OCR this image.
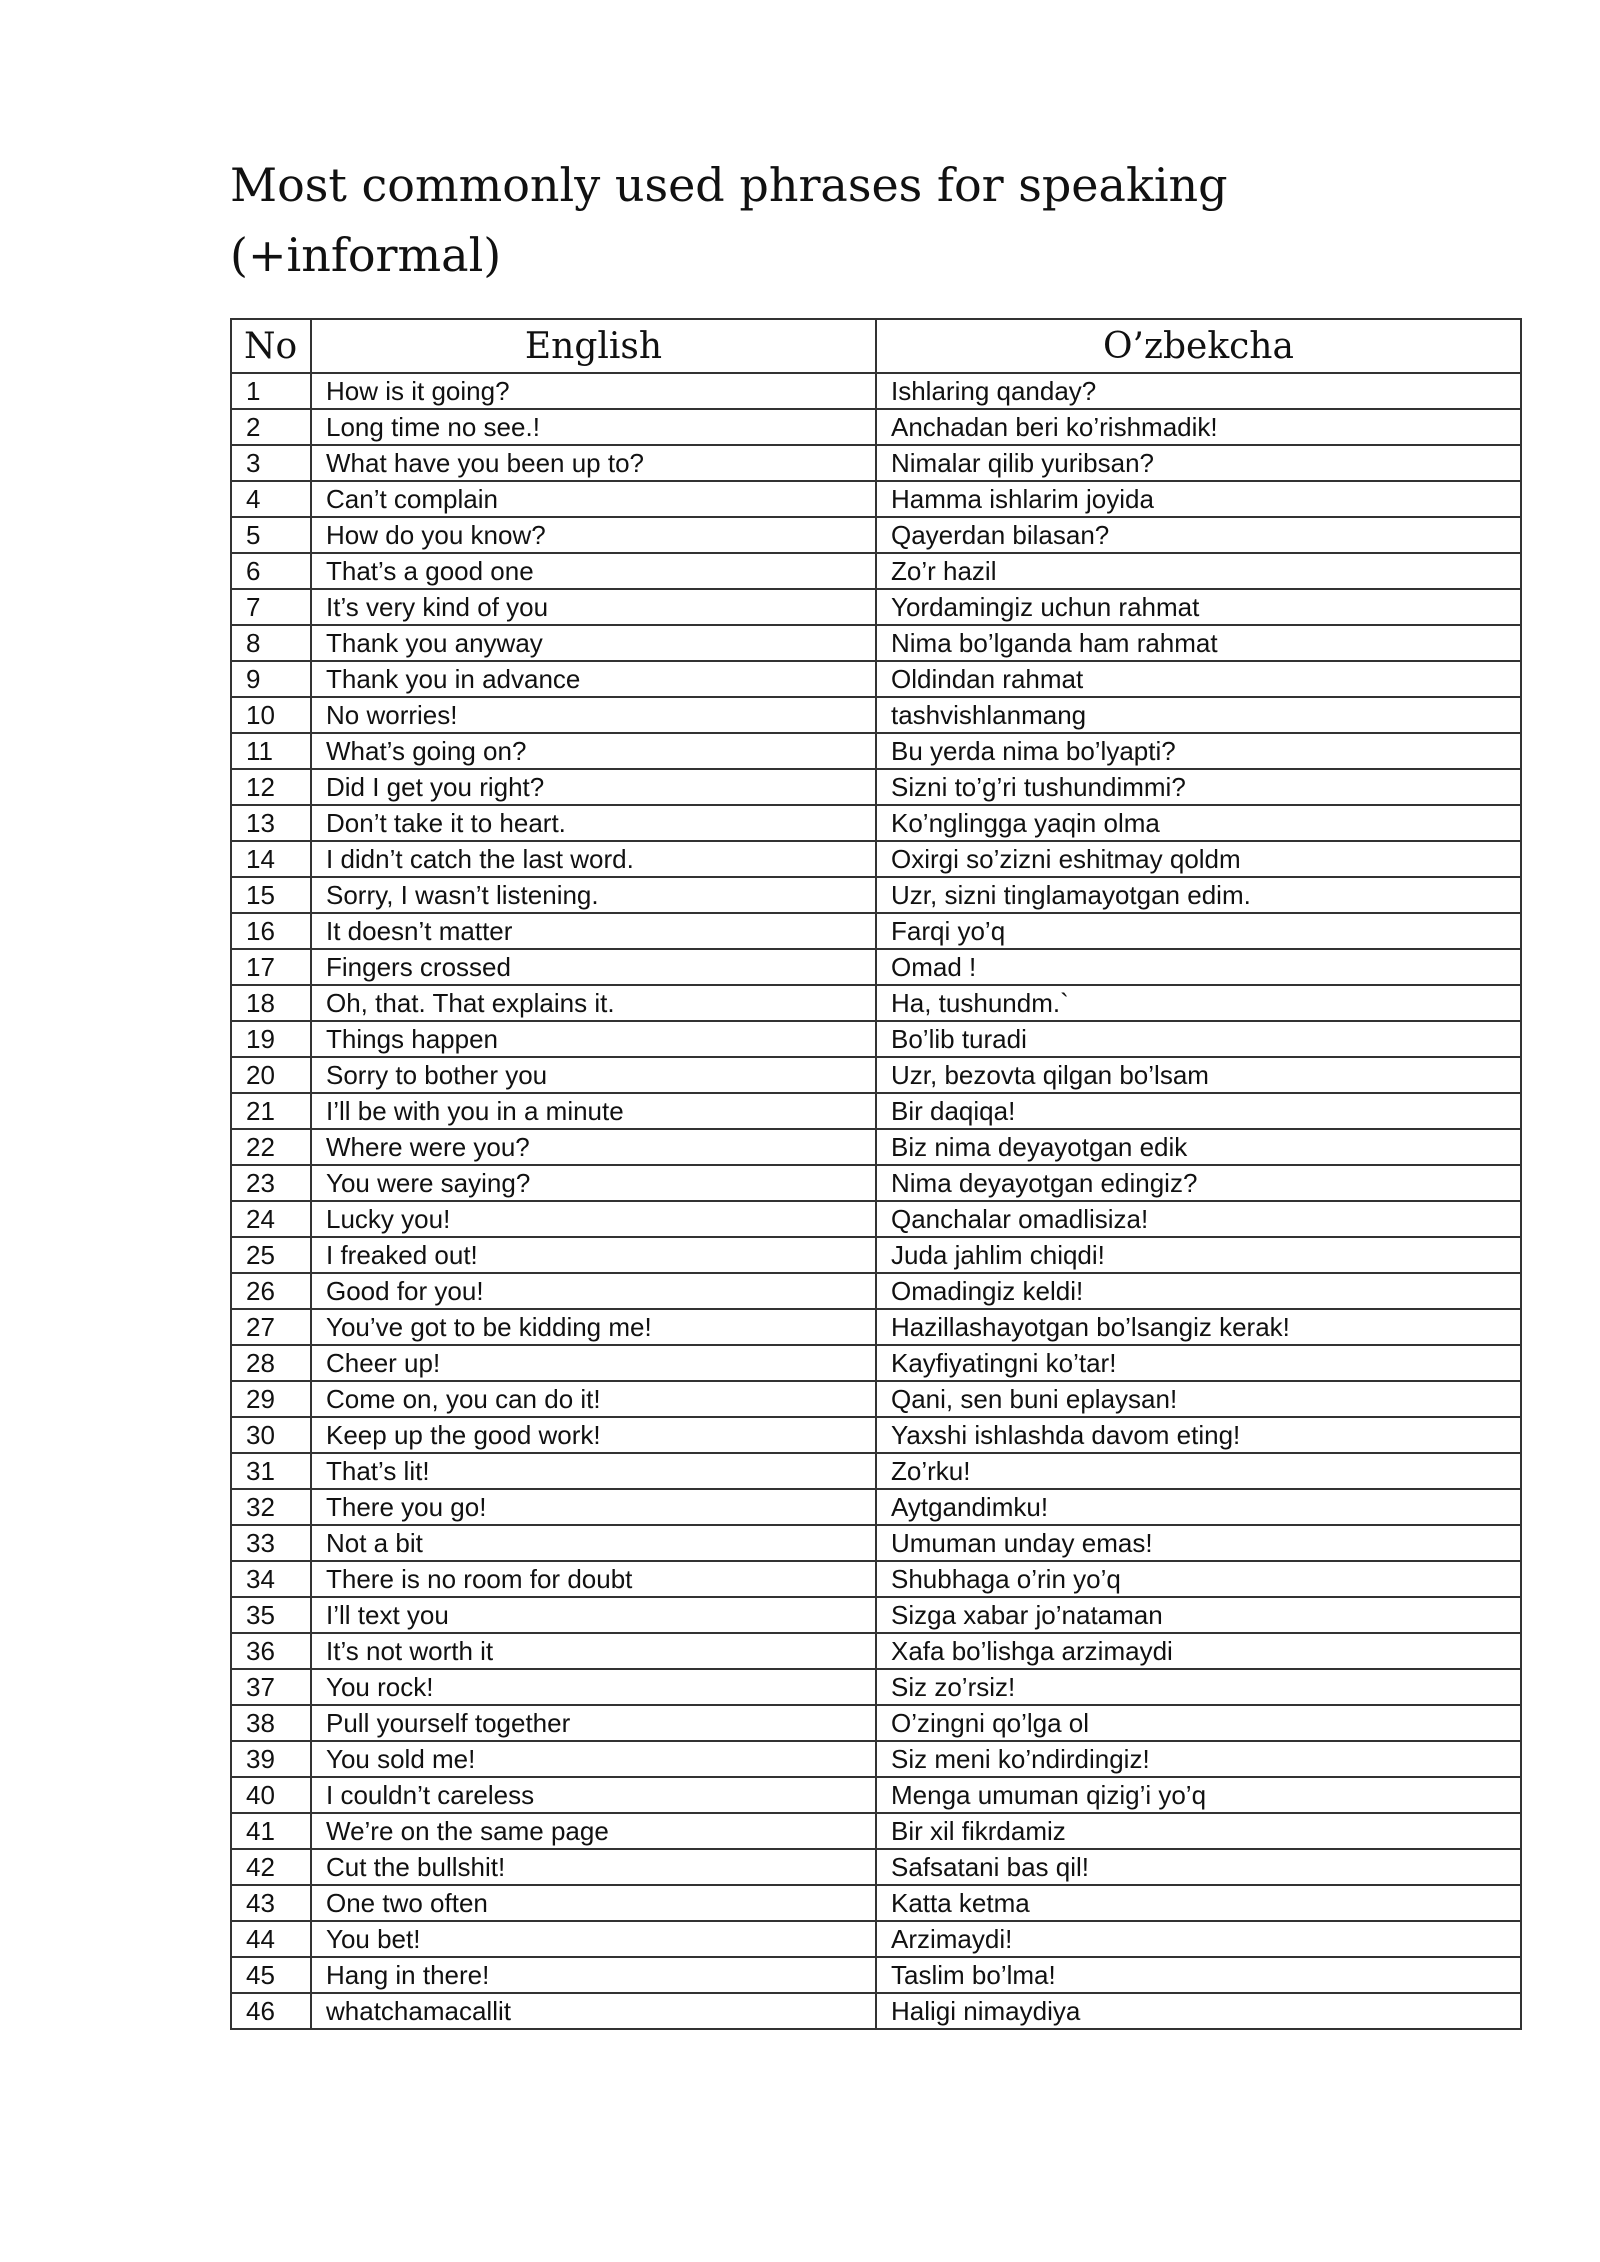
Most commonly used phrases for speaking
(+informal)
No	English	O’zbekcha
1	How is it going?	Ishlaring qanday?
2	Long time no see.!	Anchadan beri ko’rishmadik!
3	What have you been up to?	Nimalar qilib yuribsan?
4	Can’t complain	Hamma ishlarim joyida
5	How do you know?	Qayerdan bilasan?
6	That’s a good one	Zo’r hazil
7	It’s very kind of you	Yordamingiz uchun rahmat
8	Thank you anyway	Nima bo’lganda ham rahmat
9	Thank you in advance	Oldindan rahmat
10	No worries!	tashvishlanmang
11	What’s going on?	Bu yerda nima bo’lyapti?
12	Did I get you right?	Sizni to’g’ri tushundimmi?
13	Don’t take it to heart.	Ko’nglingga yaqin olma
14	I didn’t catch the last word.	Oxirgi so’zizni eshitmay qoldm
15	Sorry, I wasn’t listening.	Uzr, sizni tinglamayotgan edim.
16	It doesn’t matter	Farqi yo’q
17	Fingers crossed	Omad !
18	Oh, that. That explains it.	Ha, tushundm.`
19	Things happen	Bo’lib turadi
20	Sorry to bother you	Uzr, bezovta qilgan bo’lsam
21	I’ll be with you in a minute	Bir daqiqa!
22	Where were you?	Biz nima deyayotgan edik
23	You were saying?	Nima deyayotgan edingiz?
24	Lucky you!	Qanchalar omadlisiza!
25	I freaked out!	Juda jahlim chiqdi!
26	Good for you!	Omadingiz keldi!
27	You’ve got to be kidding me!	Hazillashayotgan bo’lsangiz kerak!
28	Cheer up!	Kayfiyatingni ko’tar!
29	Come on, you can do it!	Qani, sen buni eplaysan!
30	Keep up the good work!	Yaxshi ishlashda davom eting!
31	That’s lit!	Zo’rku!
32	There you go!	Aytgandimku!
33	Not a bit	Umuman unday emas!
34	There is no room for doubt	Shubhaga o’rin yo’q
35	I’ll text you	Sizga xabar jo’nataman
36	It’s not worth it	Xafa bo’lishga arzimaydi
37	You rock!	Siz zo’rsiz!
38	Pull yourself together	O’zingni qo’lga ol
39	You sold me!	Siz meni ko’ndirdingiz!
40	I couldn’t careless	Menga umuman qizig’i yo’q
41	We’re on the same page	Bir xil fikrdamiz
42	Cut the bullshit!	Safsatani bas qil!
43	One two often	Katta ketma
44	You bet!	Arzimaydi!
45	Hang in there!	Taslim bo’lma!
46	whatchamacallit	Haligi nimaydiya
